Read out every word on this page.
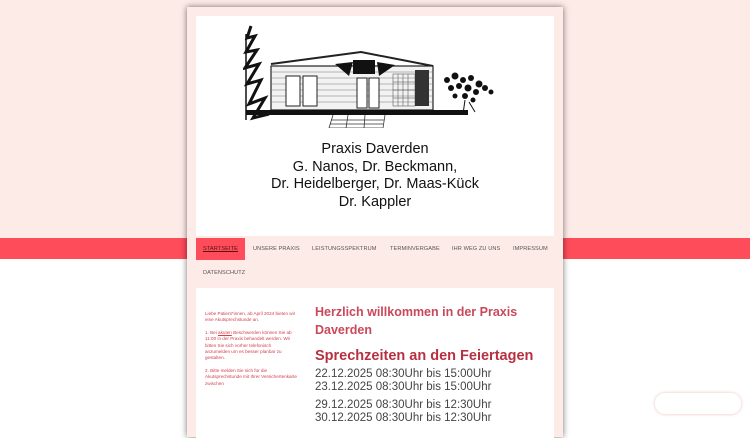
Praxis Daverden
G. Nanos, Dr. Beckmann,
Dr. Heidelberger, Dr. Maas-Kück
Dr. Kappler
STARTSEITE	UNSERE PRAXIS	LEISTUNGSSPEKTRUM	TERMINVERGABE	IHR WEG ZU UNS	IMPRESSUM
DATENSCHUTZ

Liebe Patient*innen, ab April 2024 bieten wir eine Akutsprechstunde an.

1. Bei akuten Beschwerden können Sie ab 11:00 in der Praxis behandelt werden. Wir bitten Sie sich vorher telefonisch anzumelden um es besser planbar zu gestalten.

2. Bitte melden Sie sich für die Akutsprechstunde mit Ihrer Versichertenkarte zwischen

Herzlich willkommen in der Praxis Daverden
Sprechzeiten an den Feiertagen
22.12.2025 08:30Uhr bis 15:00Uhr
23.12.2025 08:30Uhr bis 15:00Uhr
29.12.2025 08:30Uhr bis 12:30Uhr
30.12.2025 08:30Uhr bis 12:30Uhr
